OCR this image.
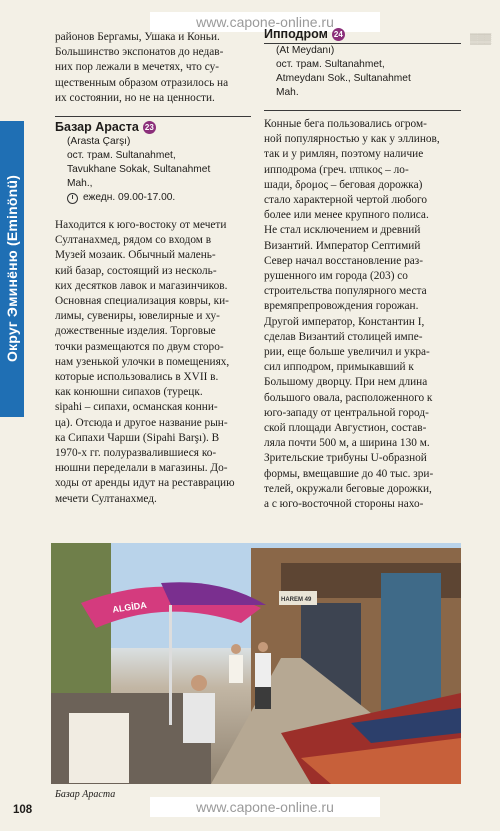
www.capone-online.ru
www.capone-online.ru
▒▒▒
Округ Эминёню (Eminönü)

районов Бергамы, Ушака и Коньи.

Большинство экспонатов до недав-

них пор лежали в мечетях, что су-

щественным образом отразилось на

их состоянии, но не на ценности.

Базар Араста 23
(Arasta Çarşı)
ост. трам. Sultanahmet,
Tavukhane Sokak, Sultanahmet
Mah.,
ежедн. 09.00-17.00.

Находится к юго-востоку от мечети

Султанахмед, рядом со входом в

Музей мозаик. Обычный малень-

кий базар, состоящий из несколь-

ких десятков лавок и магазинчиков.

Основная специализация ковры, ки-

лимы, сувениры, ювелирные и ху-

дожественные изделия. Торговые

точки размещаются по двум сторо-

нам узенькой улочки в помещениях,

которые использовались в XVII в.

как конюшни сипахов (турецк.

sipahi – сипахи, османская конни-

ца). Отсюда и другое название рын-

ка Сипахи Чарши (Sipahi Barşı). В

1970-х гг. полуразвалившиеся ко-

нюшни переделали в магазины. До-

ходы от аренды идут на реставрацию

мечети Султанахмед.

Ипподром 24
(At Meydanı)
ост. трам. Sultanahmet,
Atmeydanı Sok., Sultanahmet
Mah.

Конные бега пользовались огром-

ной популярностью у как у эллинов,

так и у римлян, поэтому наличие

ипподрома (греч. ιππικος – ло-

шади, δρομος – беговая дорожка)

стало характерной чертой любого

более или менее крупного полиса.

Не стал исключением и древний

Византий. Император Септимий

Север начал восстановление раз-

рушенного им города (203) со

строительства популярного места

времяпрепровождения горожан.

Другой император, Константин I,

сделав Византий столицей импе-

рии, еще больше увеличил и укра-

сил ипподром, примыкавший к

Большому дворцу. При нем длина

большого овала, расположенного к

юго-западу от центральной город-

ской площади Августион, состав-

ляла почти 500 м, а ширина 130 м.

Зрительские трибуны U-образной

формы, вмещавшие до 40 тыс. зри-

телей, окружали беговые дорожки,

а с юго-восточной стороны нахо-

ALGİDA	HAREM 49
Базар Араста
108
